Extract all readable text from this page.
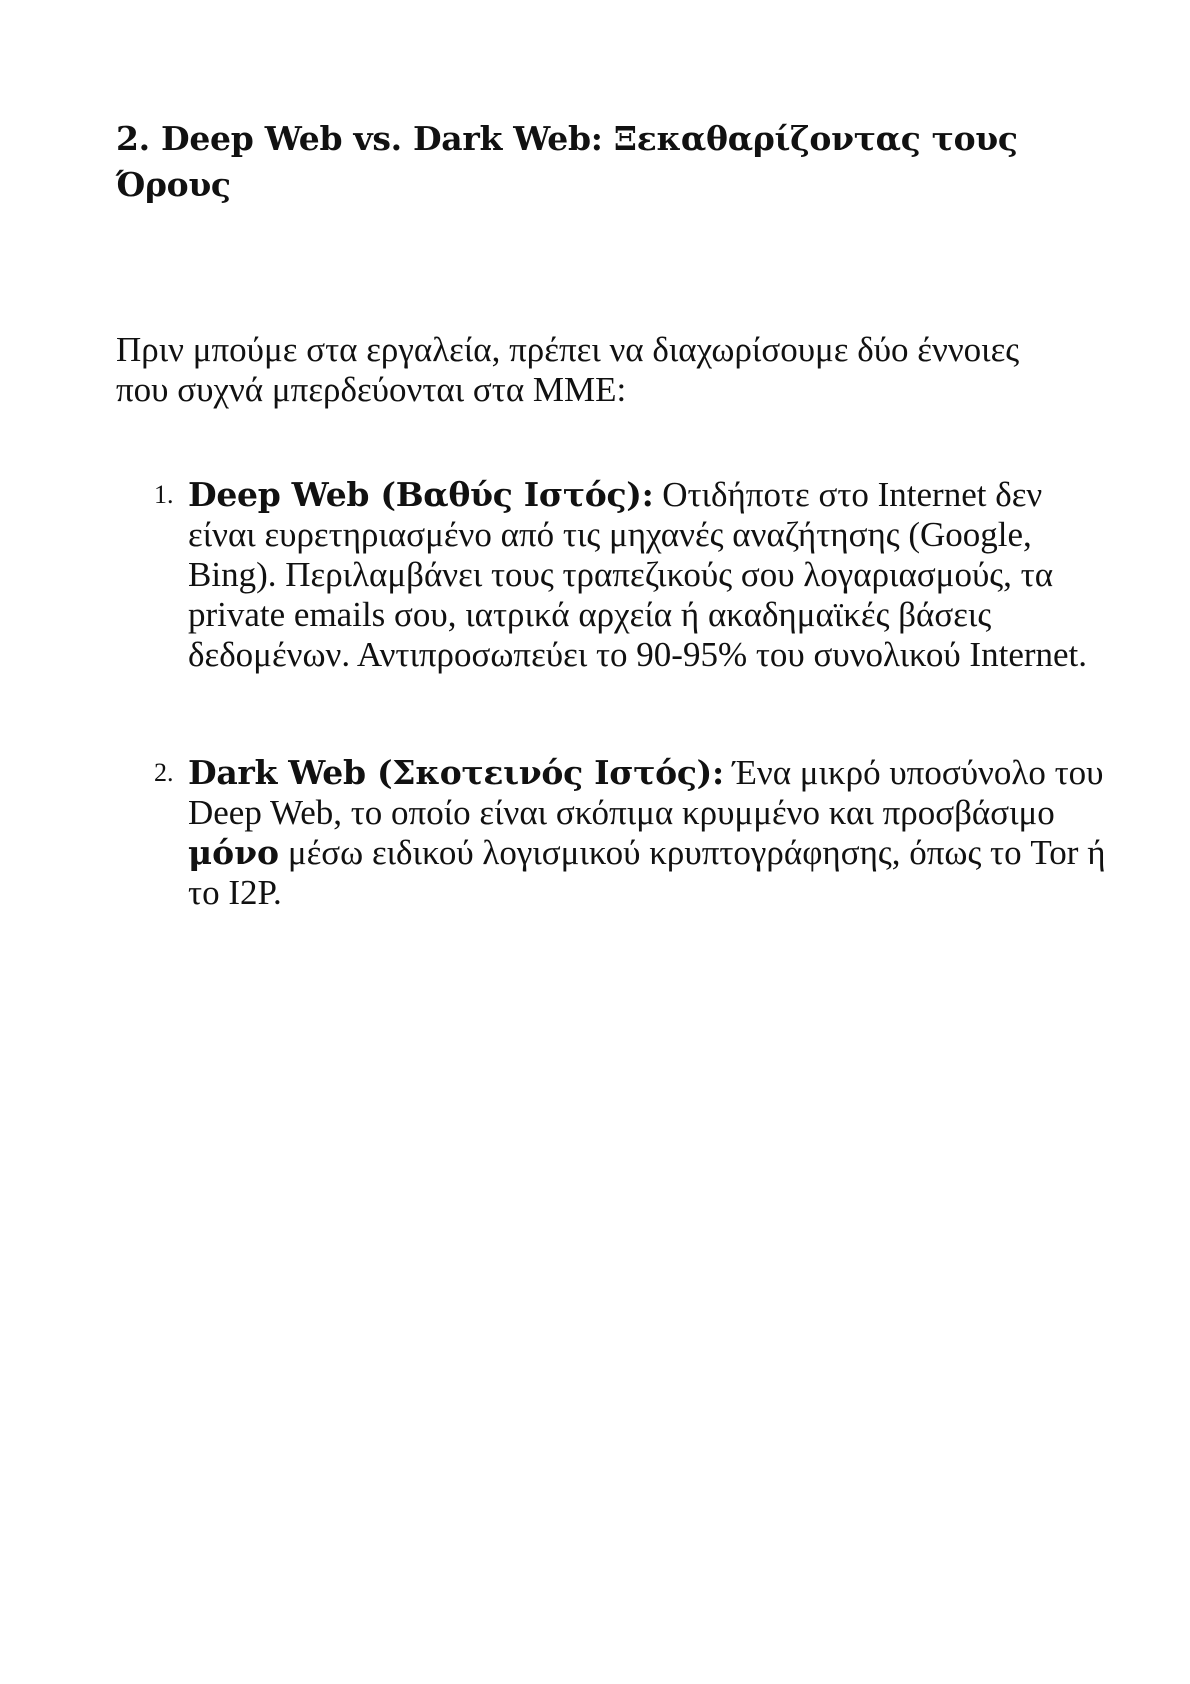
2. Deep Web vs. Dark Web: Ξεκαθαρίζοντας τους Όρους

Πριν μπούμε στα εργαλεία, πρέπει να διαχωρίσουμε δύο έννοιες που συχνά μπερδεύονται στα ΜΜΕ:

1. Deep Web (Βαθύς Ιστός): Οτιδήποτε στο Internet δεν είναι ευρετηριασμένο από τις μηχανές αναζήτησης (Google, Bing). Περιλαμβάνει τους τραπεζικούς σου λογαριασμούς, τα private emails σου, ιατρικά αρχεία ή ακαδημαϊκές βάσεις δεδομένων. Αντιπροσωπεύει το 90-95% του συνολικού Internet.
2. Dark Web (Σκοτεινός Ιστός): Ένα μικρό υποσύνολο του Deep Web, το οποίο είναι σκόπιμα κρυμμένο και προσβάσιμο μόνο μέσω ειδικού λογισμικού κρυπτογράφησης, όπως το Tor ή το I2P.
